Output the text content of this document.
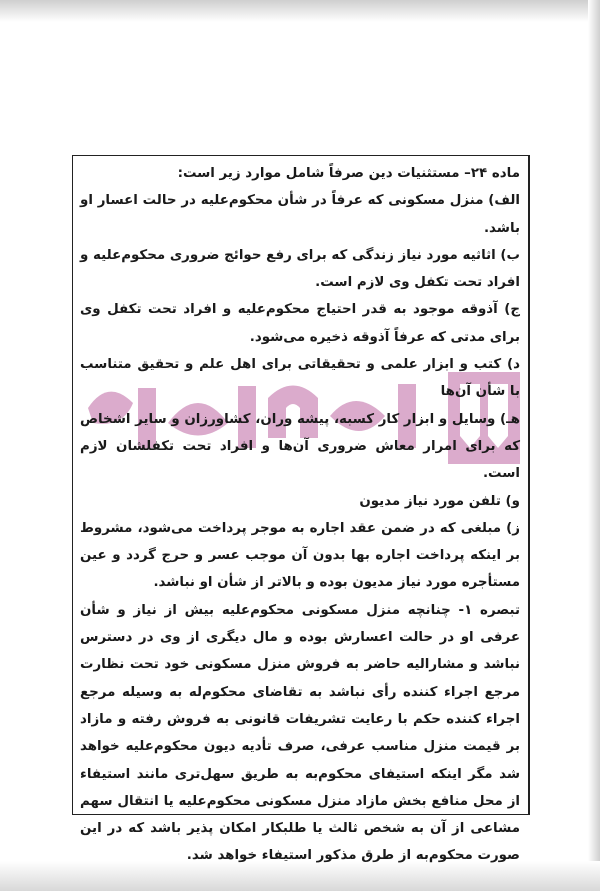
ماده ۲۴– مستثنیات دین صرفاً شامل موارد زیر است:

الف) منزل مسکونی که عرفاً در شأن محکوم‌علیه در حالت اعسار او باشد.

ب) اثاثیه مورد نیاز زندگی که برای رفع حوائج ضروری محکوم‌علیه و افراد تحت تکفل وی لازم است.

ج) آذوقه موجود به قدر احتیاج محکوم‌علیه و افراد تحت تکفل وی برای مدتی که عرفاً آذوقه ذخیره می‌شود.

د) کتب و ابزار علمی و تحقیقاتی برای اهل علم و تحقیق متناسب با شأن آن‌ها

هـ) وسایل و ابزار کار کسبه، پیشه وران، کشاورزان و سایر اشخاص که برای امرار معاش ضروری آن‌ها و افراد تحت تکفلشان لازم است.

و) تلفن مورد نیاز مدیون

ز) مبلغی که در ضمن عقد اجاره به موجر پرداخت می‌شود، مشروط بر اینکه پرداخت اجاره بها بدون آن موجب عسر و حرج گردد و عین مستأجره مورد نیاز مدیون بوده و بالاتر از شأن او نباشد.

تبصره ۱- چنانچه منزل مسکونی محکوم‌علیه بیش از نیاز و شأن عرفی او در حالت اعسارش بوده و مال دیگری از وی در دسترس نباشد و مشارالیه حاضر به فروش منزل مسکونی خود تحت نظارت مرجع اجراء کننده رأی نباشد به تقاضای محکوم‌له به وسیله مرجع اجراء کننده حکم با رعایت تشریفات قانونی به فروش رفته و مازاد بر قیمت منزل مناسب عرفی، صرف تأدیه دیون محکوم‌علیه خواهد شد مگر اینکه استیفای محکوم‌به به طریق سهل‌تری مانند استیفاء از محل منافع بخش مازاد منزل مسکونی محکوم‌علیه یا انتقال سهم مشاعی از آن به شخص ثالث یا طلبکار امکان پذیر باشد که در این صورت محکوم‌به از طرق مذکور استیفاء خواهد شد.
